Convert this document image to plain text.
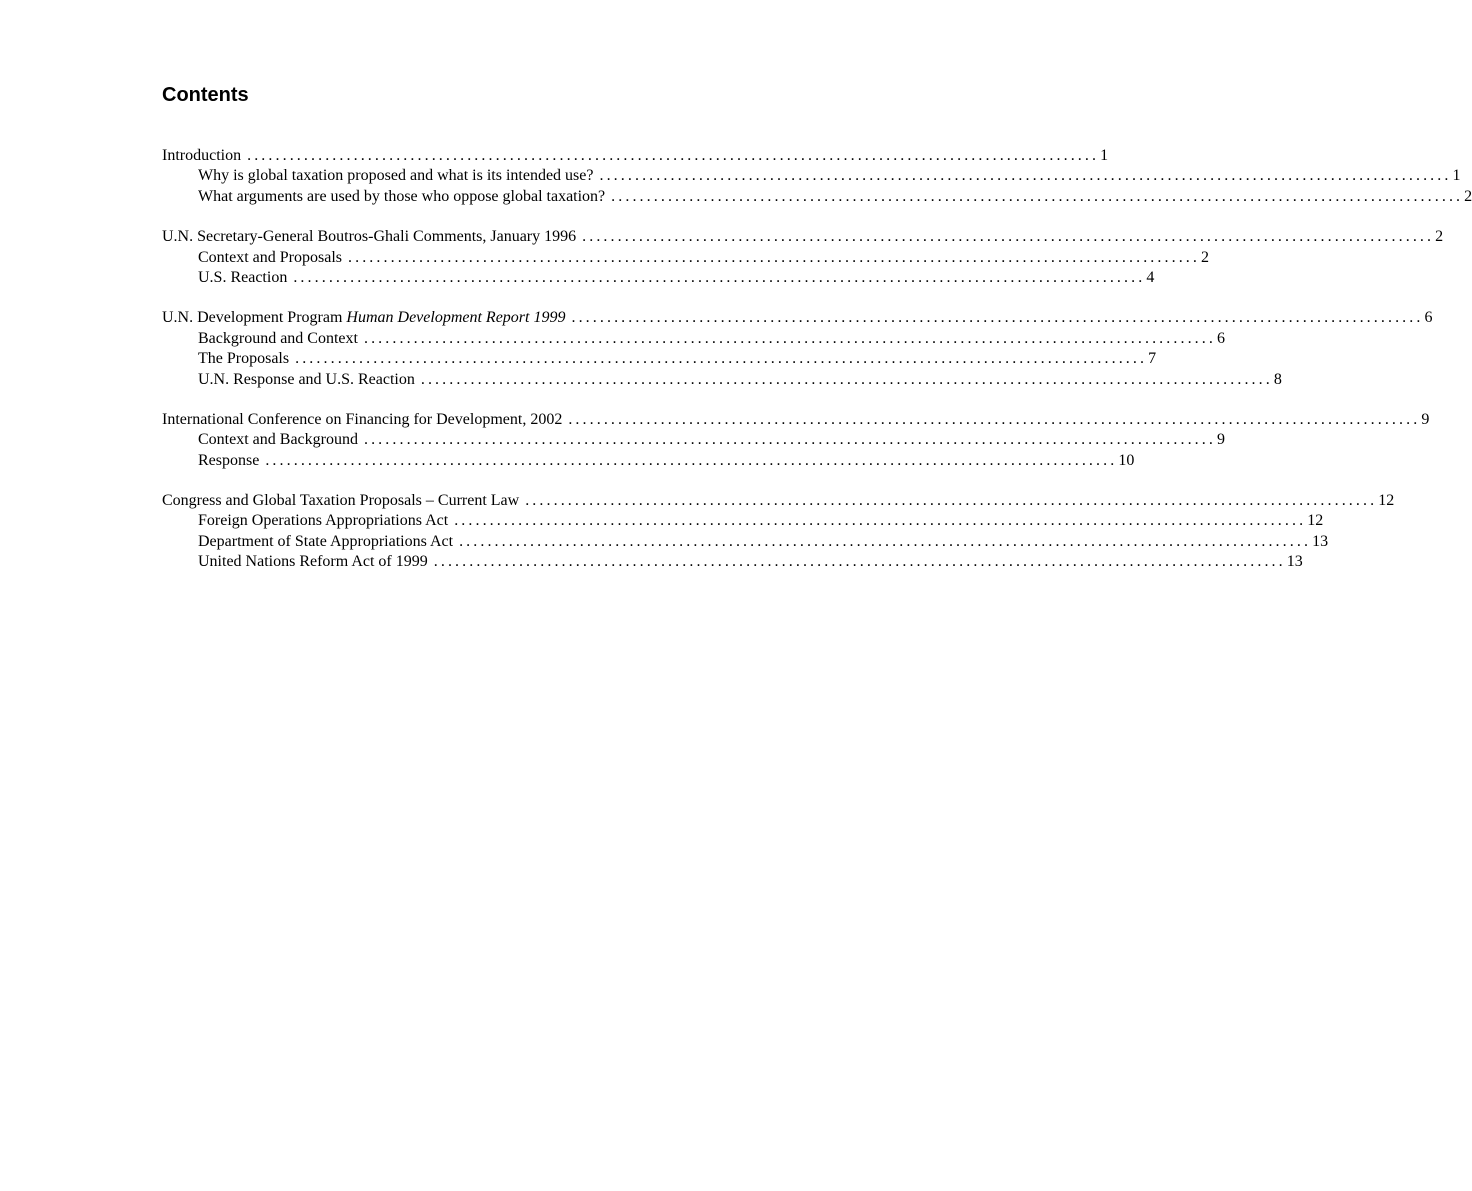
Contents
Introduction ........................................................................................................................ 1
Why is global taxation proposed and what is its intended use? ........................................................................................................................ 1
What arguments are used by those who oppose global taxation? ........................................................................................................................ 2
U.N. Secretary-General Boutros-Ghali Comments, January 1996 ........................................................................................................................ 2
Context and Proposals ........................................................................................................................ 2
U.S. Reaction ........................................................................................................................ 4
U.N. Development Program Human Development Report 1999 ........................................................................................................................ 6
Background and Context ........................................................................................................................ 6
The Proposals ........................................................................................................................ 7
U.N. Response and U.S. Reaction ........................................................................................................................ 8
International Conference on Financing for Development, 2002 ........................................................................................................................ 9
Context and Background ........................................................................................................................ 9
Response ........................................................................................................................ 10
Congress and Global Taxation Proposals – Current Law ........................................................................................................................ 12
Foreign Operations Appropriations Act ........................................................................................................................ 12
Department of State Appropriations Act ........................................................................................................................ 13
United Nations Reform Act of 1999 ........................................................................................................................ 13
